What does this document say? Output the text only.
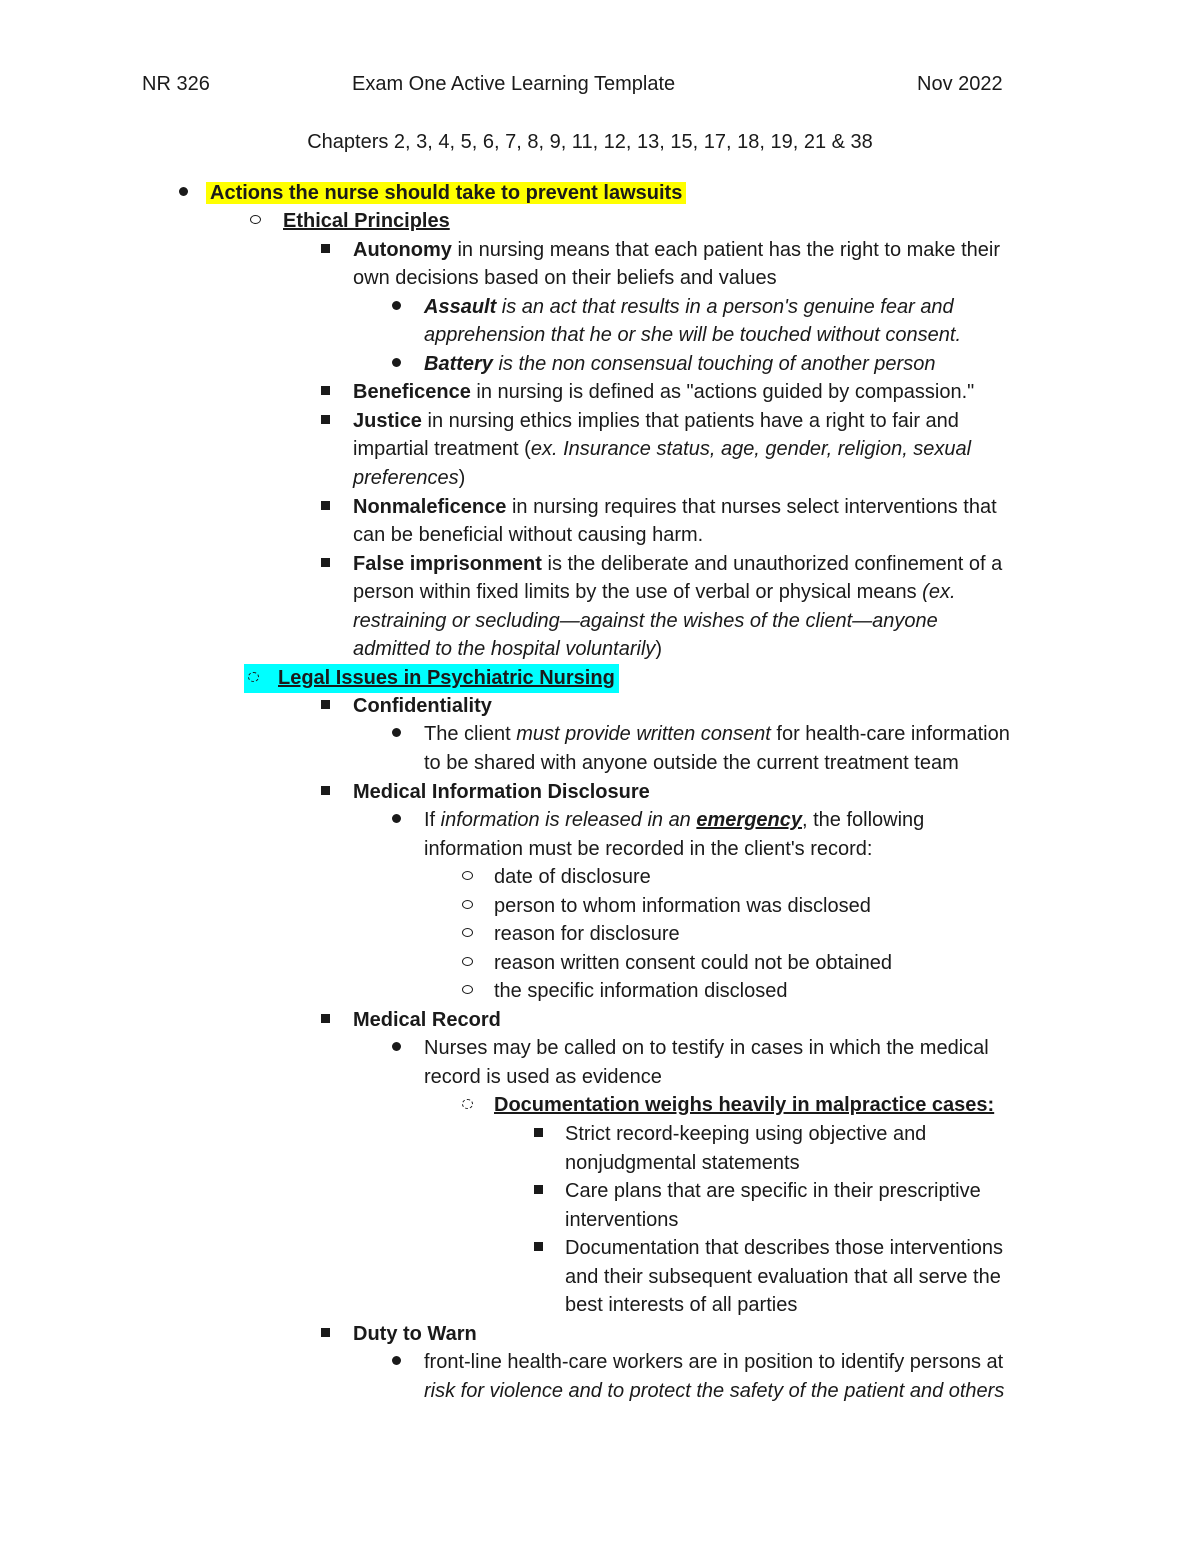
NR 326	Exam One Active Learning Template	Nov 2022
Chapters 2, 3, 4, 5, 6, 7, 8, 9, 11, 12, 13, 15, 17, 18, 19, 21 & 38
Actions the nurse should take to prevent lawsuits
Ethical Principles
Autonomy in nursing means that each patient has the right to make their
own decisions based on their beliefs and values
Assault is an act that results in a person's genuine fear and
apprehension that he or she will be touched without consent.
Battery is the non consensual touching of another person
Beneficence in nursing is defined as "actions guided by compassion."
Justice in nursing ethics implies that patients have a right to fair and
impartial treatment (ex. Insurance status, age, gender, religion, sexual
preferences)
Nonmaleficence in nursing requires that nurses select interventions that
can be beneficial without causing harm.
False imprisonment is the deliberate and unauthorized confinement of a
person within fixed limits by the use of verbal or physical means (ex.
restraining or secluding—against the wishes of the client—anyone
admitted to the hospital voluntarily)
Legal Issues in Psychiatric Nursing
Confidentiality
The client must provide written consent for health-care information
to be shared with anyone outside the current treatment team
Medical Information Disclosure
If information is released in an emergency, the following
information must be recorded in the client's record:
date of disclosure
person to whom information was disclosed
reason for disclosure
reason written consent could not be obtained
the specific information disclosed
Medical Record
Nurses may be called on to testify in cases in which the medical
record is used as evidence
Documentation weighs heavily in malpractice cases:
Strict record-keeping using objective and
nonjudgmental statements
Care plans that are specific in their prescriptive
interventions
Documentation that describes those interventions
and their subsequent evaluation that all serve the
best interests of all parties
Duty to Warn
front-line health-care workers are in position to identify persons at
risk for violence and to protect the safety of the patient and others
